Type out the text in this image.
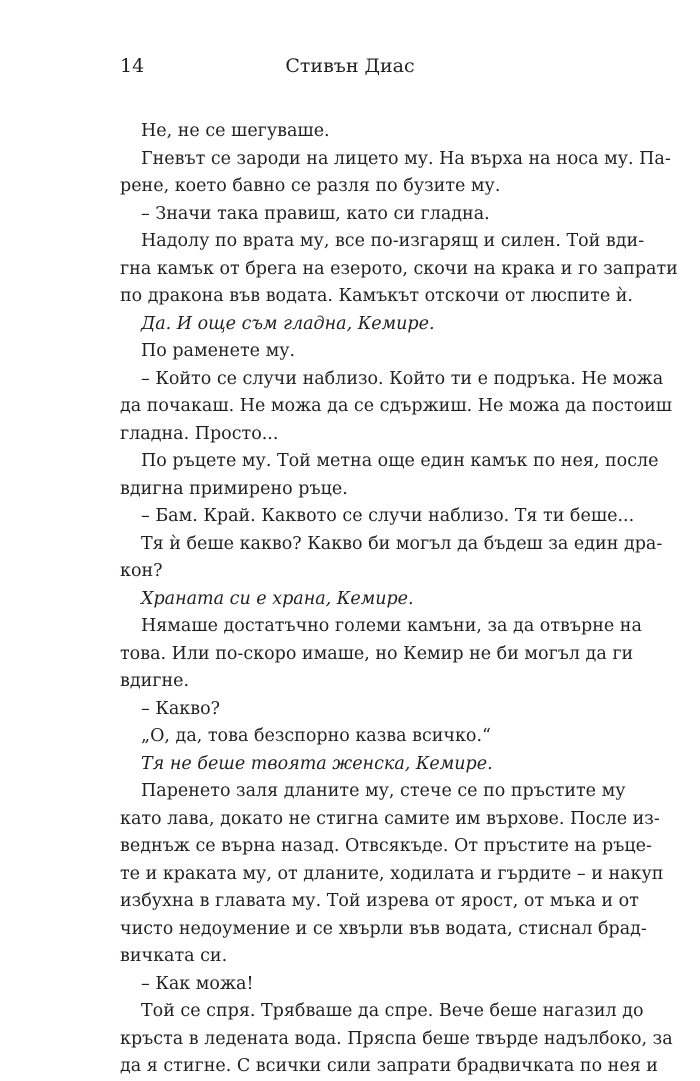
14	Стивън Диас
Не, не се шегуваше.
Гневът се зароди на лицето му. На върха на носа му. Па-
рене, което бавно се разля по бузите му.
– Значи така правиш, като си гладна.
Надолу по врата му, все по-изгарящ и силен. Той вди-
гна камък от брега на езерото, скочи на крака и го запрати
по дракона във водата. Камъкът отскочи от люспите ѝ.
Да. И още съм гладна, Кемире.
По раменете му.
– Който се случи наблизо. Който ти е подръка. Не можа
да почакаш. Не можа да се сдържиш. Не можа да постоиш
гладна. Просто...
По ръцете му. Той метна още един камък по нея, после
вдигна примирено ръце.
– Бам. Край. Каквото се случи наблизо. Тя ти беше...
Тя ѝ беше какво? Какво би могъл да бъдеш за един дра-
кон?
Храната си е храна, Кемире.
Нямаше достатъчно големи камъни, за да отвърне на
това. Или по-скоро имаше, но Кемир не би могъл да ги
вдигне.
– Какво?
„О, да, това безспорно казва всичко.“
Тя не беше твоята женска, Кемире.
Паренето заля дланите му, стече се по пръстите му
като лава, докато не стигна самите им върхове. После из-
веднъж се върна назад. Отвсякъде. От пръстите на ръце-
те и краката му, от дланите, ходилата и гърдите – и накуп
избухна в главата му. Той изрева от ярост, от мъка и от
чисто недоумение и се хвърли във водата, стиснал брад-
вичката си.
– Как можа!
Той се спря. Трябваше да спре. Вече беше нагазил до
кръста в ледената вода. Пряспа беше твърде надълбоко, за
да я стигне. С всички сили запрати брадвичката по нея и
